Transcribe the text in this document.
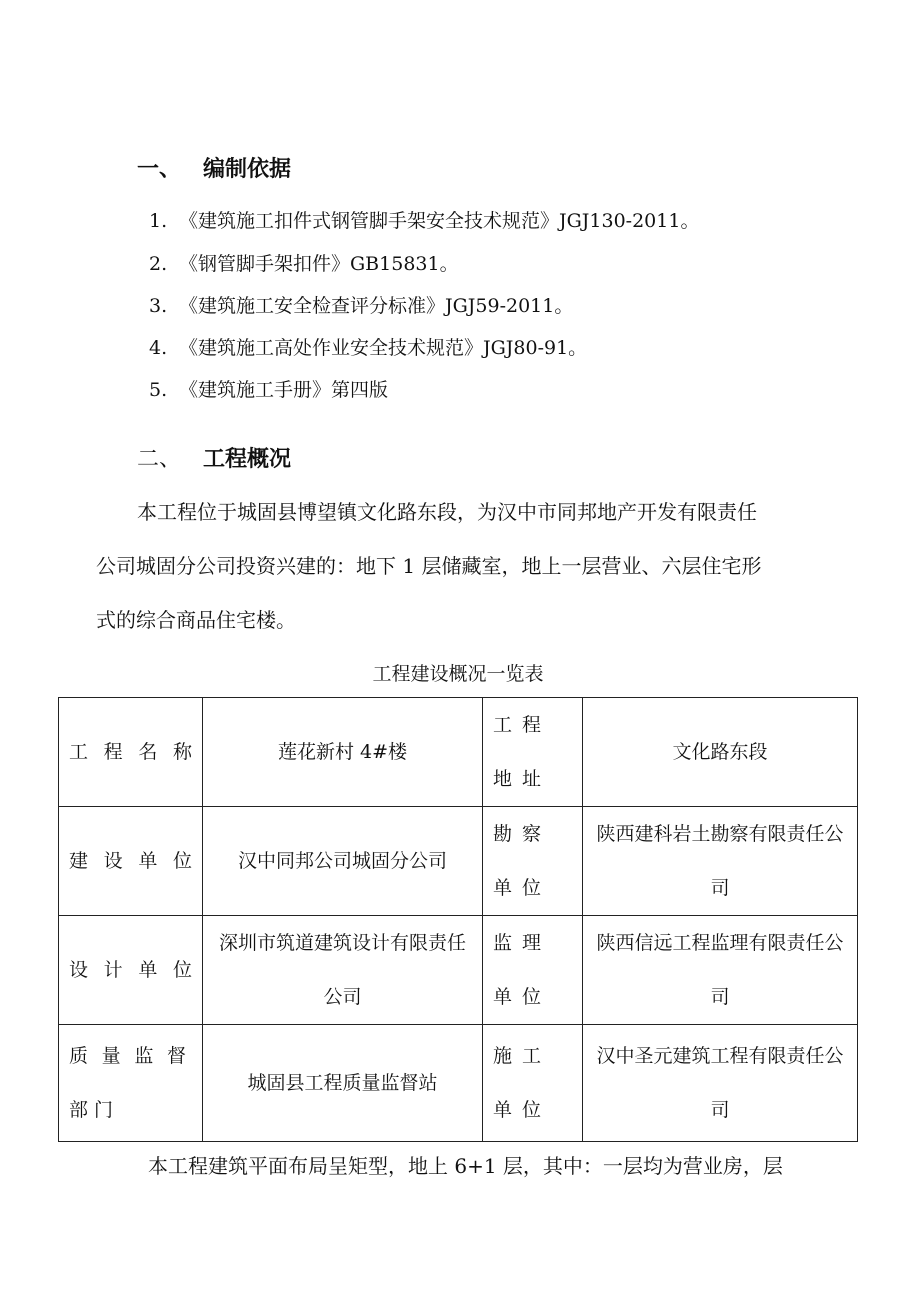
一、 编制依据
1. 《建筑施工扣件式钢管脚手架安全技术规范》JGJ130-2011。
2. 《钢管脚手架扣件》GB15831。
3. 《建筑施工安全检查评分标准》JGJ59-2011。
4. 《建筑施工高处作业安全技术规范》JGJ80-91。
5. 《建筑施工手册》第四版
二、 工程概况
本工程位于城固县博望镇文化路东段，为汉中市同邦地产开发有限责任
公司城固分公司投资兴建的：地下 1 层储藏室，地上一层营业、六层住宅形
式的综合商品住宅楼。
工程建设概况一览表
工程名称	莲花新村 4#楼	工程地址	文化路东段
建设单位	汉中同邦公司城固分公司	勘察单位	陕西建科岩土勘察有限责任公司
设计单位	深圳市筑道建筑设计有限责任公司	监理单位	陕西信远工程监理有限责任公司
质量监督部门	城固县工程质量监督站	施工单位	汉中圣元建筑工程有限责任公司
本工程建筑平面布局呈矩型，地上 6+1 层，其中：一层均为营业房，层
